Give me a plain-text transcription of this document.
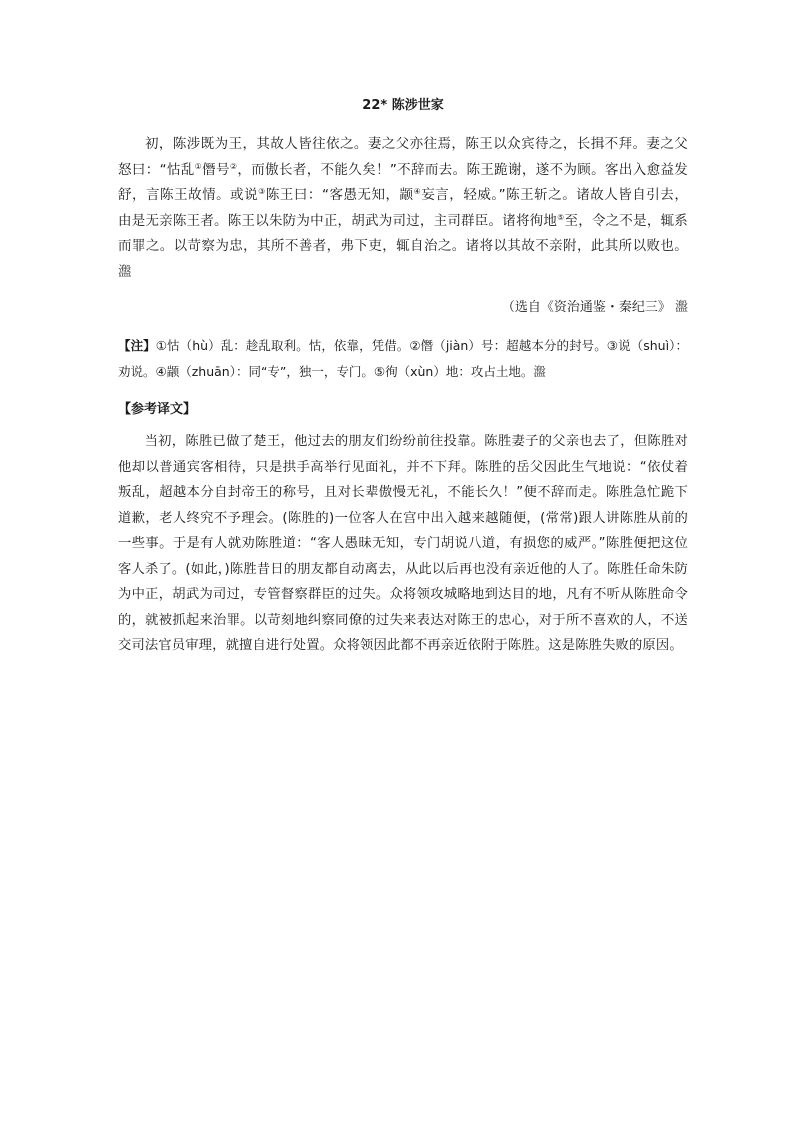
22* 陈涉世家

初，陈涉既为王，其故人皆往依之。妻之父亦往焉，陈王以众宾待之，长揖不拜。妻之父怒曰：“怙乱①僭号②，而傲长者，不能久矣！”不辞而去。陈王跪谢，遂不为顾。客出入愈益发舒，言陈王故情。或说③陈王曰：“客愚无知，颛④妄言，轻威。”陈王斩之。诸故人皆自引去，由是无亲陈王者。陈王以朱防为中正，胡武为司过，主司群臣。诸将徇地⑤至，令之不是，辄系而罪之。以苛察为忠，其所不善者，弗下吏，辄自治之。诸将以其故不亲附，此其所以败也。瀊

（选自《资治通鉴・秦纪三》 瀊

【注】①怙（hù）乱：趁乱取利。怙，依靠，凭借。②僭（jiàn）号：超越本分的封号。③说（shuì）：劝说。④颛（zhuān）：同“专”，独一，专门。⑤徇（xùn）地：攻占土地。瀊

【参考译文】

当初，陈胜已做了楚王，他过去的朋友们纷纷前往投靠。陈胜妻子的父亲也去了，但陈胜对他却以普通宾客相待，只是拱手高举行见面礼，并不下拜。陈胜的岳父因此生气地说：“依仗着叛乱，超越本分自封帝王的称号，且对长辈傲慢无礼，不能长久！”便不辞而走。陈胜急忙跪下道歉，老人终究不予理会。(陈胜的)一位客人在宫中出入越来越随便，(常常)跟人讲陈胜从前的一些事。于是有人就劝陈胜道：“客人愚昧无知，专门胡说八道，有损您的威严。”陈胜便把这位客人杀了。(如此，)陈胜昔日的朋友都自动离去，从此以后再也没有亲近他的人了。陈胜任命朱防为中正，胡武为司过，专管督察群臣的过失。众将领攻城略地到达目的地，凡有不听从陈胜命令的，就被抓起来治罪。以苛刻地纠察同僚的过失来表达对陈王的忠心，对于所不喜欢的人，不送交司法官员审理，就擅自进行处置。众将领因此都不再亲近依附于陈胜。这是陈胜失败的原因。
